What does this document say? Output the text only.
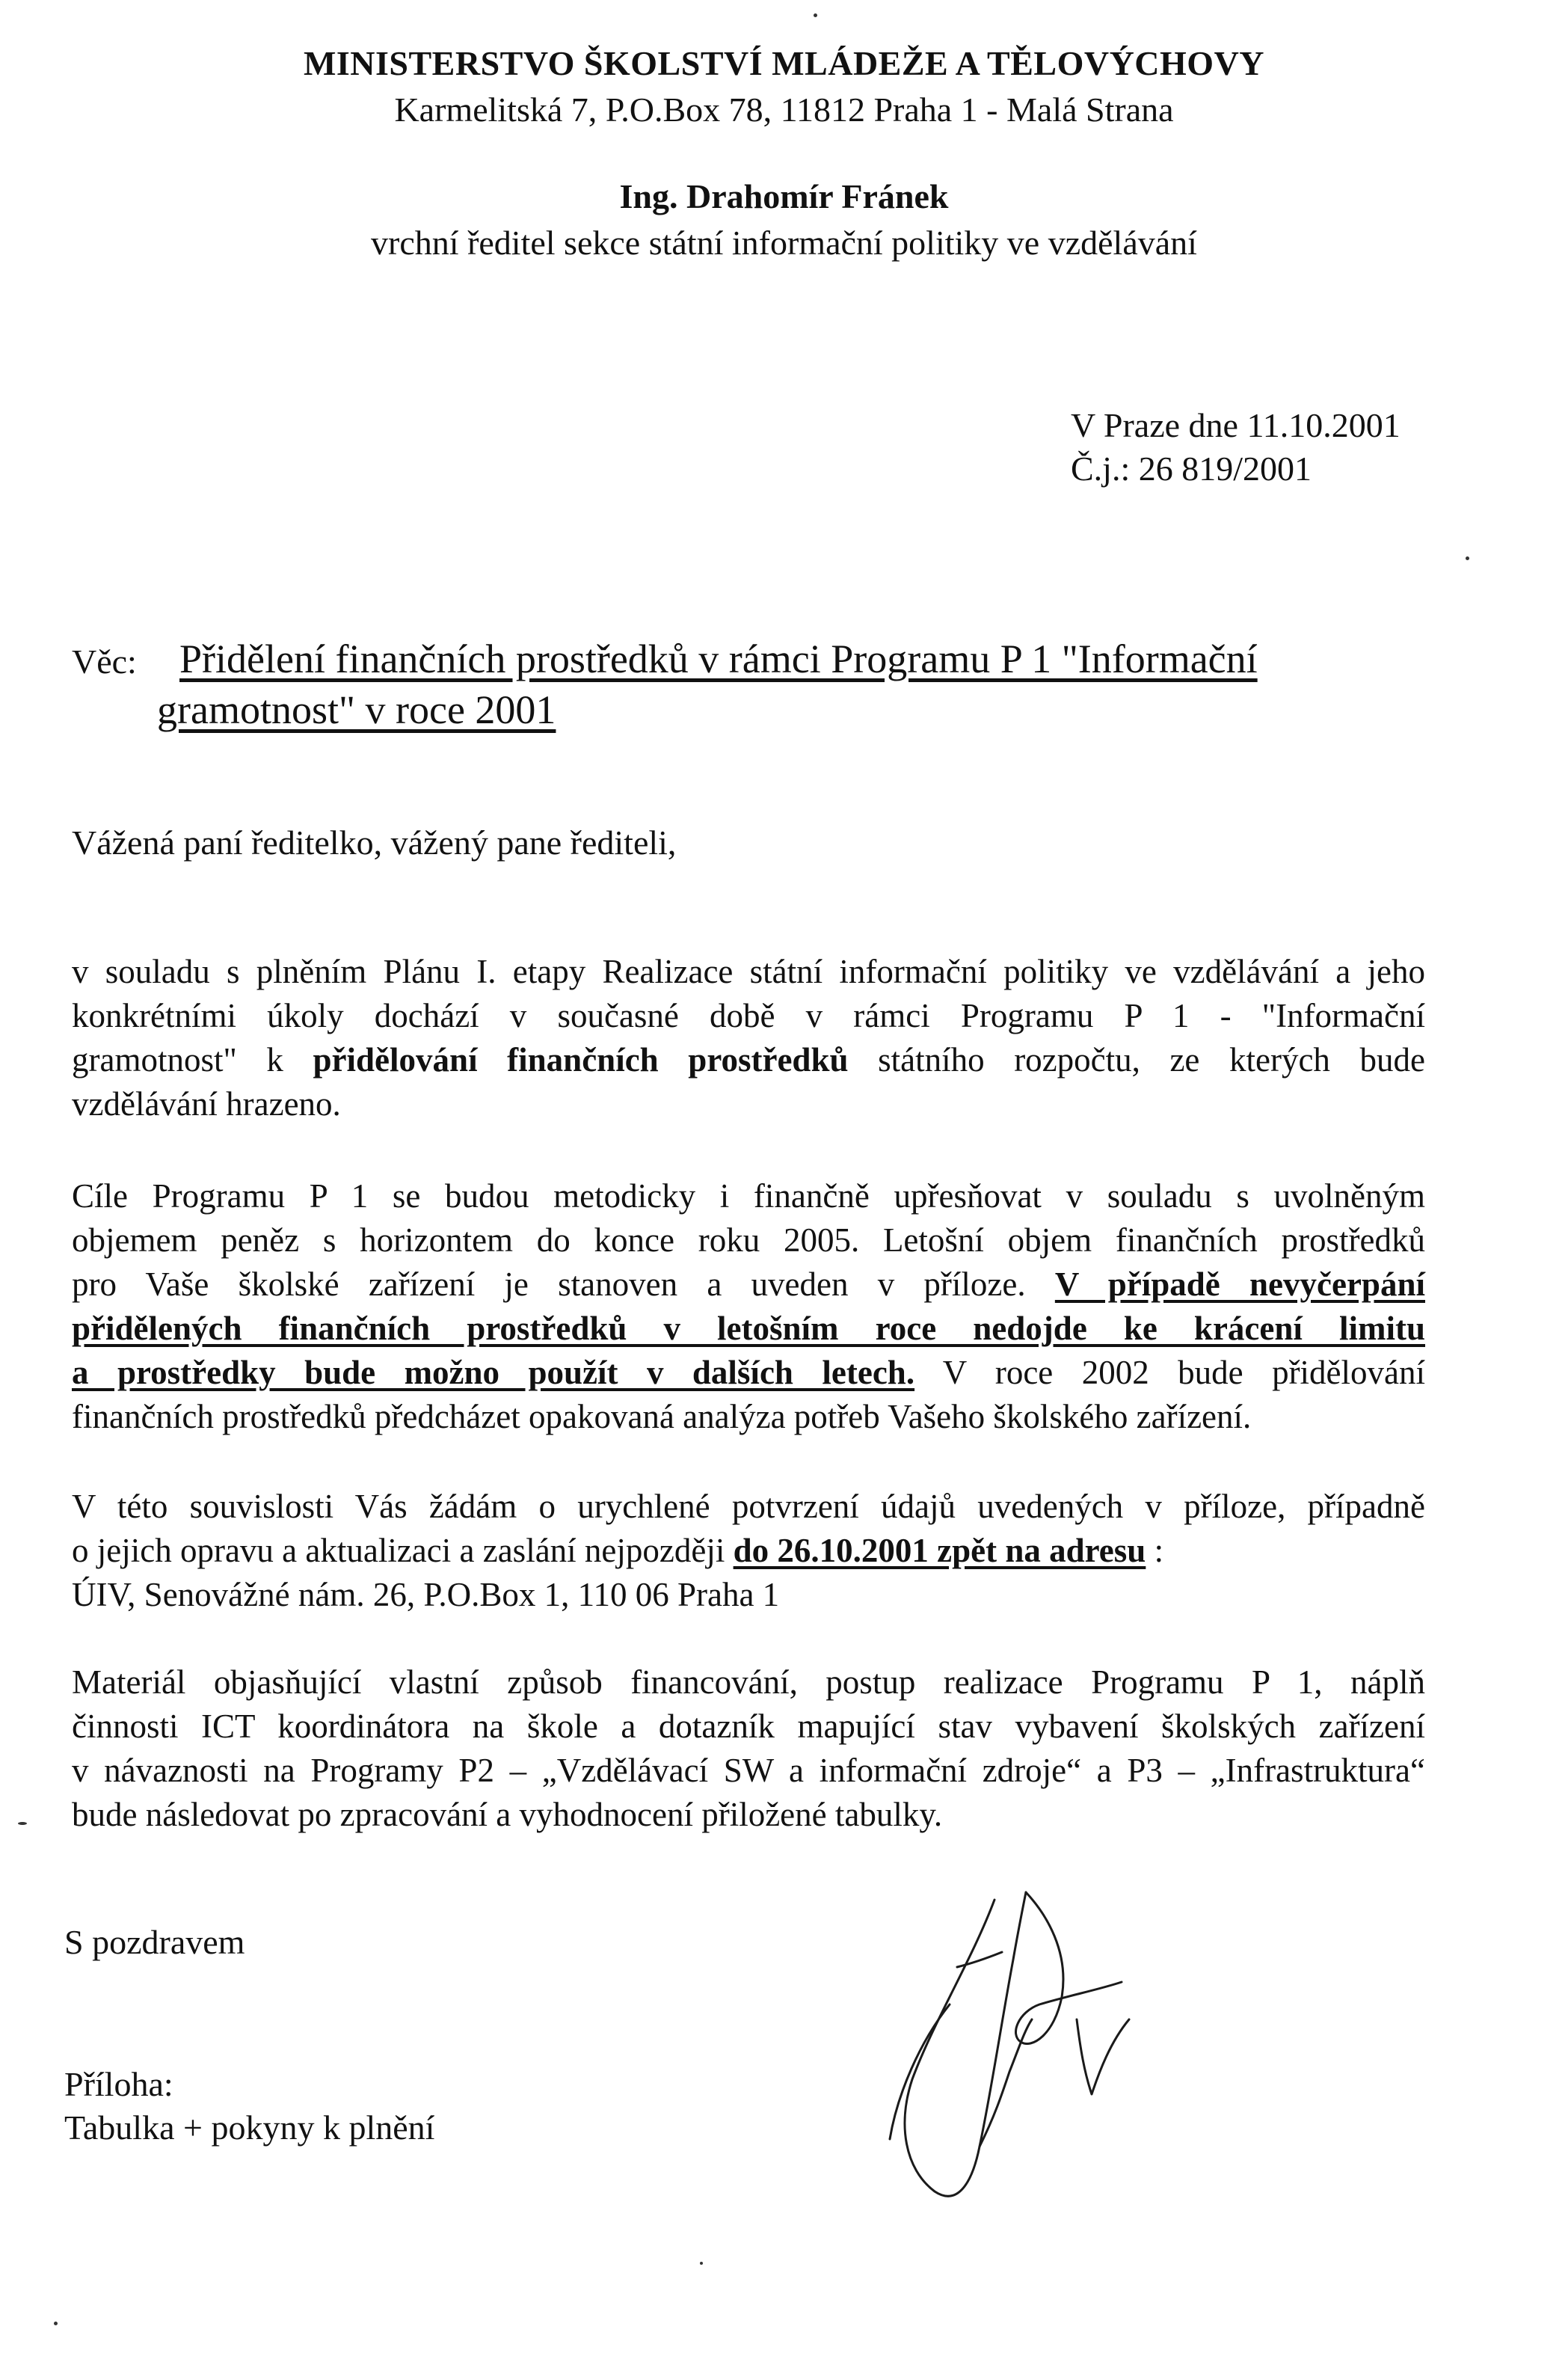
MINISTERSTVO ŠKOLSTVÍ MLÁDEŽE A TĚLOVÝCHOVY
Karmelitská 7, P.O.Box 78, 11812 Praha 1 - Malá Strana
Ing. Drahomír Fránek
vrchní ředitel sekce státní informační politiky ve vzdělávání
V Praze dne 11.10.2001
Č.j.: 26 819/2001
Věc: Přidělení finančních prostředků v rámci Programu P 1 "Informační
gramotnost" v roce 2001
Vážená paní ředitelko, vážený pane řediteli,
v souladu s plněním Plánu I. etapy Realizace státní informační politiky ve vzdělávání a jeho
konkrétními úkoly dochází v současné době v rámci Programu P 1 - "Informační
gramotnost" k přidělování finančních prostředků státního rozpočtu, ze kterých bude
vzdělávání hrazeno.
Cíle Programu P 1 se budou metodicky i finančně upřesňovat v souladu s uvolněným
objemem peněz s horizontem do konce roku 2005. Letošní objem finančních prostředků
pro Vaše školské zařízení je stanoven a uveden v příloze. V případě nevyčerpání
přidělených finančních prostředků v letošním roce nedojde ke krácení limitu
a prostředky bude možno použít v dalších letech. V roce 2002 bude přidělování
finančních prostředků předcházet opakovaná analýza potřeb Vašeho školského zařízení.
V této souvislosti Vás žádám o urychlené potvrzení údajů uvedených v příloze, případně
o jejich opravu a aktualizaci a zaslání nejpozději do 26.10.2001 zpět na adresu :
ÚIV, Senovážné nám. 26, P.O.Box 1, 110 06 Praha 1
Materiál objasňující vlastní způsob financování, postup realizace Programu P 1, náplň
činnosti ICT koordinátora na škole a dotazník mapující stav vybavení školských zařízení
v návaznosti na Programy P2 – „Vzdělávací SW a informační zdroje“ a P3 – „Infrastruktura“
bude následovat po zpracování a vyhodnocení přiložené tabulky.
S pozdravem
Příloha:
Tabulka + pokyny k plnění
